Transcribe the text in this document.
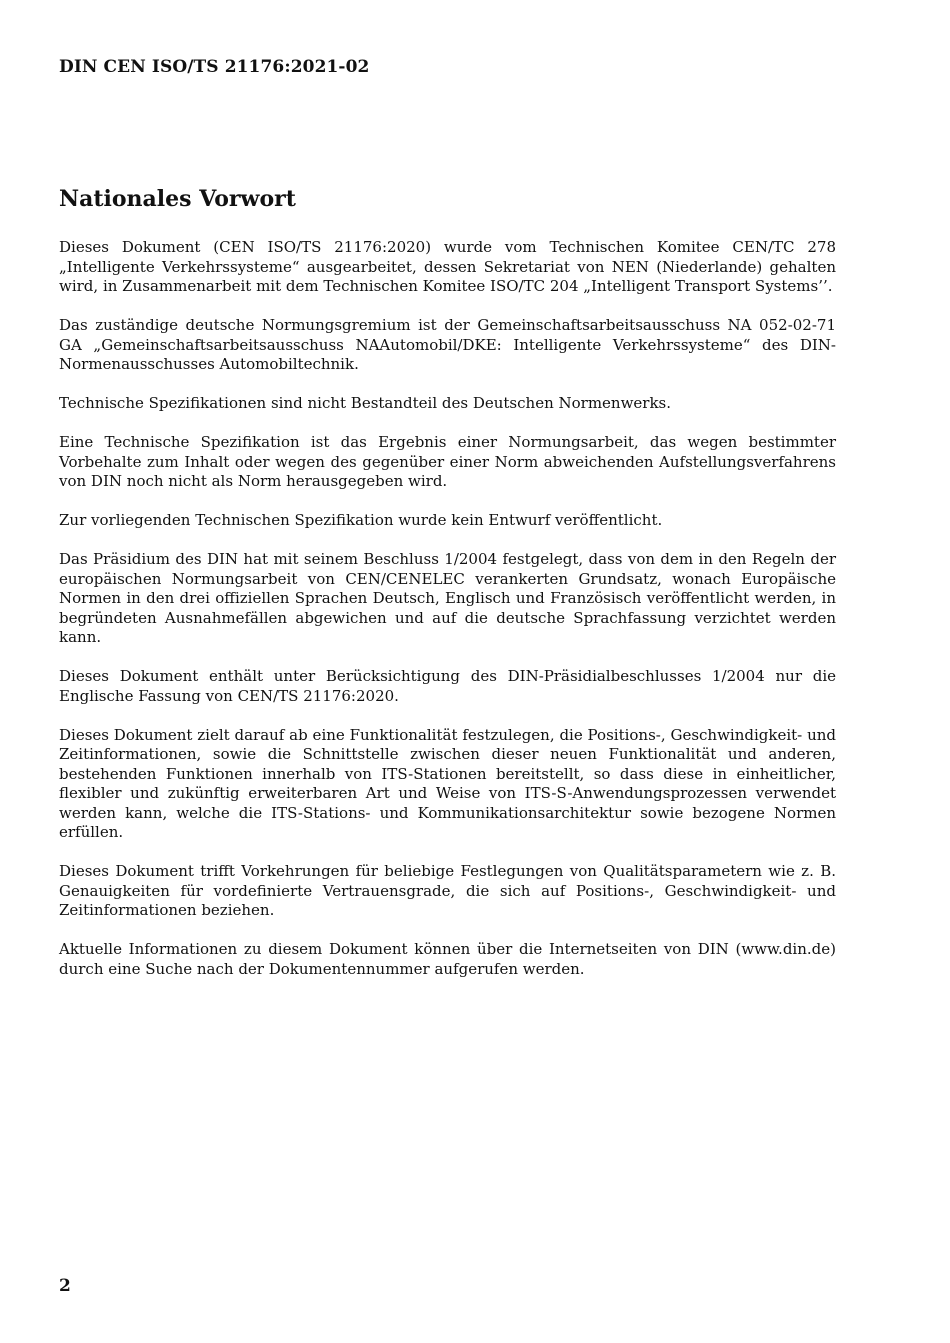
DIN CEN ISO/TS 21176:2021-02
Nationales Vorwort

Dieses Dokument (CEN ISO/TS 21176:2020) wurde vom Technischen Komitee CEN/TC 278 „Intelligente Verkehrssysteme“ ausgearbeitet, dessen Sekretariat von NEN (Niederlande) gehalten wird, in Zusammenarbeit mit dem Technischen Komitee ISO/TC 204 „Intelligent Transport Systems’’.

Das zuständige deutsche Normungsgremium ist der Gemeinschaftsarbeitsausschuss NA 052-02-71 GA „Gemeinschaftsarbeitsausschuss NAAutomobil/DKE: Intelligente Verkehrssysteme“ des DIN-Normenausschusses Automobiltechnik.

Technische Spezifikationen sind nicht Bestandteil des Deutschen Normenwerks.

Eine Technische Spezifikation ist das Ergebnis einer Normungsarbeit, das wegen bestimmter Vorbehalte zum Inhalt oder wegen des gegenüber einer Norm abweichenden Aufstellungsverfahrens von DIN noch nicht als Norm herausgegeben wird.

Zur vorliegenden Technischen Spezifikation wurde kein Entwurf veröffentlicht.

Das Präsidium des DIN hat mit seinem Beschluss 1/2004 festgelegt, dass von dem in den Regeln der europäischen Normungsarbeit von CEN/CENELEC verankerten Grundsatz, wonach Europäische Normen in den drei offiziellen Sprachen Deutsch, Englisch und Französisch veröffentlicht werden, in begründeten Ausnahmefällen abgewichen und auf die deutsche Sprachfassung verzichtet werden kann.

Dieses Dokument enthält unter Berücksichtigung des DIN-Präsidialbeschlusses 1/2004 nur die Englische Fassung von CEN/TS 21176:2020.

Dieses Dokument zielt darauf ab eine Funktionalität festzulegen, die Positions-, Geschwindigkeit- und Zeitinformationen, sowie die Schnittstelle zwischen dieser neuen Funktionalität und anderen, bestehenden Funktionen innerhalb von ITS-Stationen bereitstellt, so dass diese in einheitlicher, flexibler und zukünftig erweiterbaren Art und Weise von ITS-S-Anwendungsprozessen verwendet werden kann, welche die ITS-Stations- und Kommunikationsarchitektur sowie bezogene Normen erfüllen.

Dieses Dokument trifft Vorkehrungen für beliebige Festlegungen von Qualitätsparametern wie z. B. Genauigkeiten für vordefinierte Vertrauensgrade, die sich auf Positions-, Geschwindigkeit- und Zeitinformationen beziehen.

Aktuelle Informationen zu diesem Dokument können über die Internetseiten von DIN (www.din.de) durch eine Suche nach der Dokumentennummer aufgerufen werden.

2
